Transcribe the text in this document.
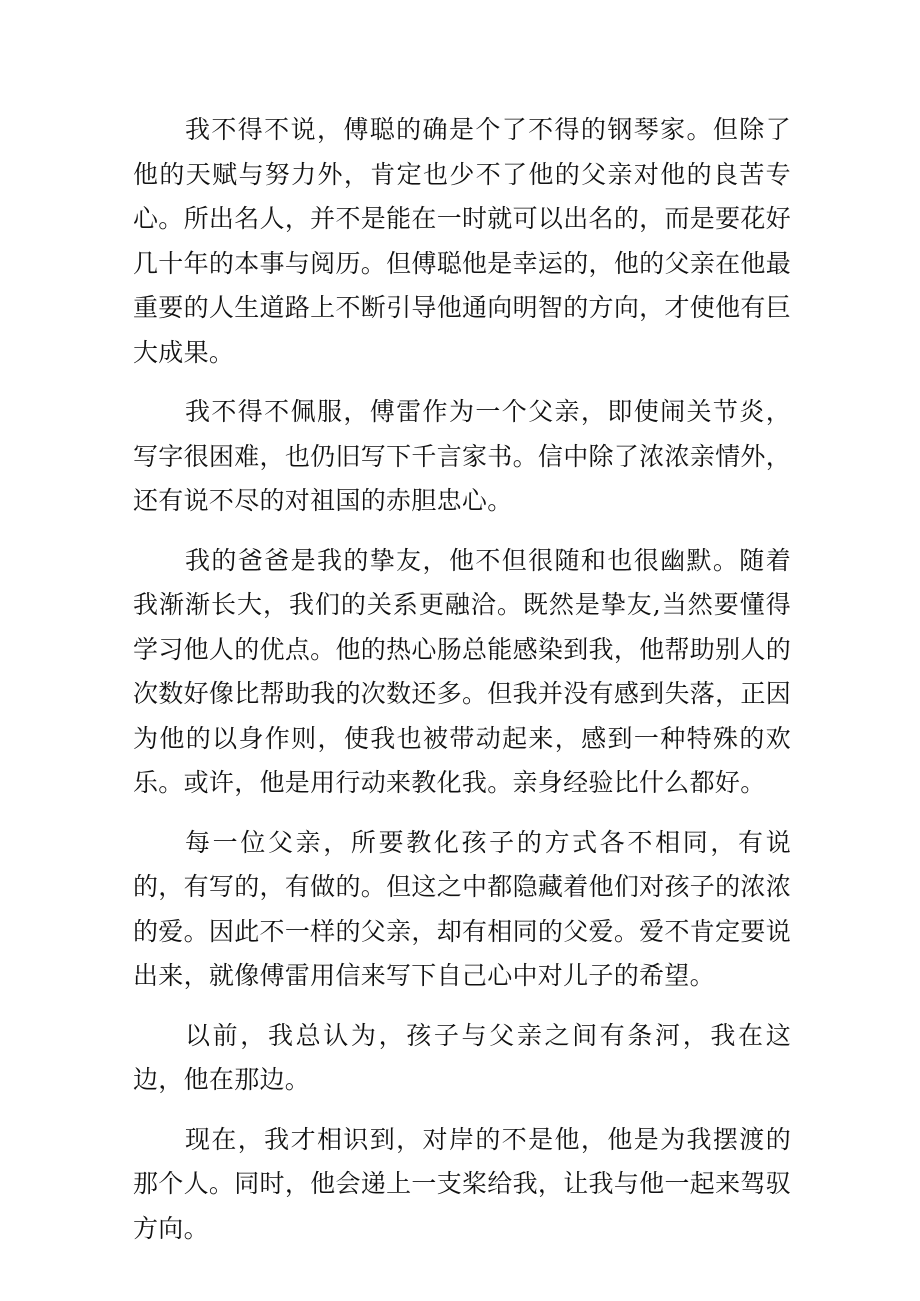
我不得不说，傅聪的确是个了不得的钢琴家。但除了他的天赋与努力外，肯定也少不了他的父亲对他的良苦专心。所出名人，并不是能在一时就可以出名的，而是要花好几十年的本事与阅历。但傅聪他是幸运的，他的父亲在他最重要的人生道路上不断引导他通向明智的方向，才使他有巨大成果。

我不得不佩服，傅雷作为一个父亲，即使闹关节炎，写字很困难，也仍旧写下千言家书。信中除了浓浓亲情外，还有说不尽的对祖国的赤胆忠心。

我的爸爸是我的挚友，他不但很随和也很幽默。随着我渐渐长大，我们的关系更融洽。既然是挚友,当然要懂得学习他人的优点。他的热心肠总能感染到我，他帮助别人的次数好像比帮助我的次数还多。但我并没有感到失落，正因为他的以身作则，使我也被带动起来，感到一种特殊的欢乐。或许，他是用行动来教化我。亲身经验比什么都好。

每一位父亲，所要教化孩子的方式各不相同，有说的，有写的，有做的。但这之中都隐藏着他们对孩子的浓浓的爱。因此不一样的父亲，却有相同的父爱。爱不肯定要说出来，就像傅雷用信来写下自己心中对儿子的希望。

以前，我总认为，孩子与父亲之间有条河，我在这边，他在那边。

现在，我才相识到，对岸的不是他，他是为我摆渡的那个人。同时，他会递上一支桨给我，让我与他一起来驾驭方向。
